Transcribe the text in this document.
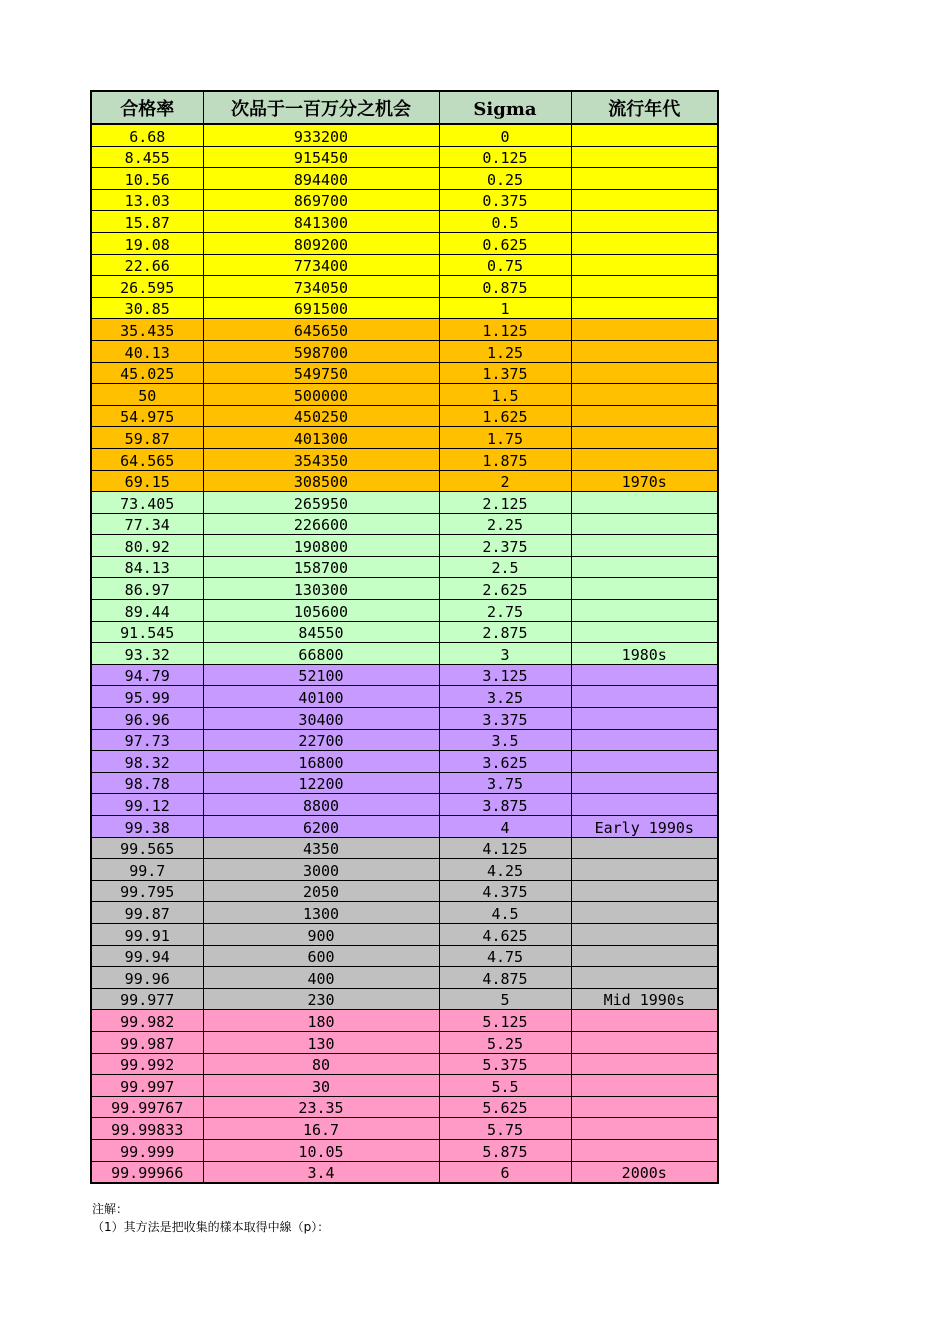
合格率	次品于一百万分之机会	Sigma	流行年代
6.68	933200	0	
8.455	915450	0.125	
10.56	894400	0.25	
13.03	869700	0.375	
15.87	841300	0.5	
19.08	809200	0.625	
22.66	773400	0.75	
26.595	734050	0.875	
30.85	691500	1	
35.435	645650	1.125	
40.13	598700	1.25	
45.025	549750	1.375	
50	500000	1.5	
54.975	450250	1.625	
59.87	401300	1.75	
64.565	354350	1.875	
69.15	308500	2	1970s
73.405	265950	2.125	
77.34	226600	2.25	
80.92	190800	2.375	
84.13	158700	2.5	
86.97	130300	2.625	
89.44	105600	2.75	
91.545	84550	2.875	
93.32	66800	3	1980s
94.79	52100	3.125	
95.99	40100	3.25	
96.96	30400	3.375	
97.73	22700	3.5	
98.32	16800	3.625	
98.78	12200	3.75	
99.12	8800	3.875	
99.38	6200	4	Early 1990s
99.565	4350	4.125	
99.7	3000	4.25	
99.795	2050	4.375	
99.87	1300	4.5	
99.91	900	4.625	
99.94	600	4.75	
99.96	400	4.875	
99.977	230	5	Mid 1990s
99.982	180	5.125	
99.987	130	5.25	
99.992	80	5.375	
99.997	30	5.5	
99.99767	23.35	5.625	
99.99833	16.7	5.75	
99.999	10.05	5.875	
99.99966	3.4	6	2000s
注解：
（1）其方法是把收集的樣本取得中線（p）：
